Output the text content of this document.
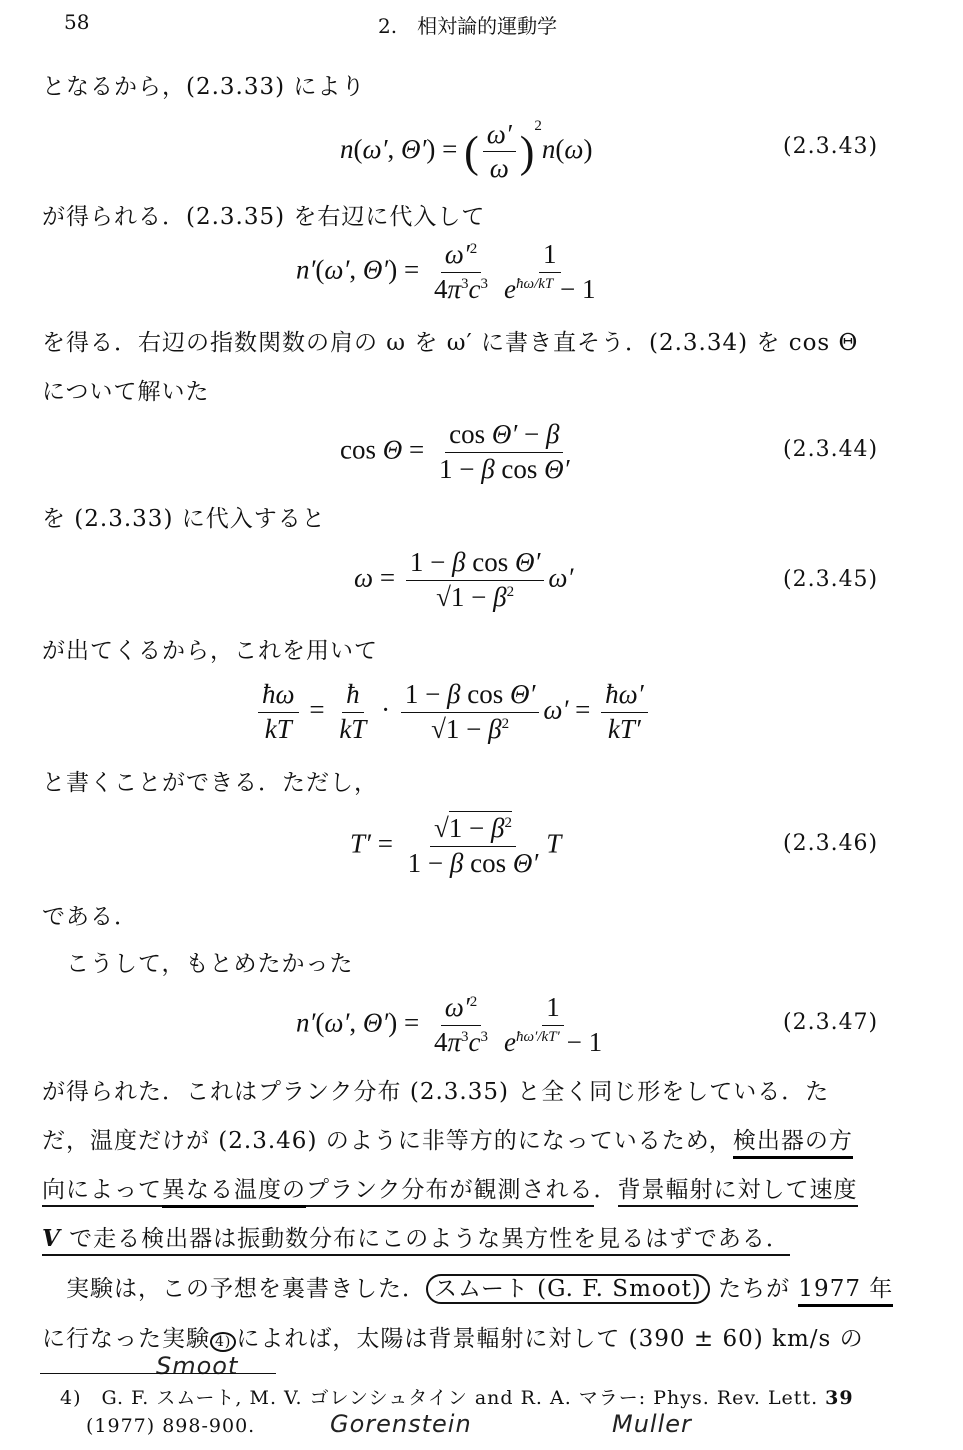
58	2.　相対論的運動学
となるから，(2.3.33) により
n(ω′, Θ′) = ( $\frac{\omega'}{\omega} )^2n(\omega)$	(2.3.43)
が得られる．(2.3.35) を右辺に代入して
n′(ω′, $\Theta') = \frac{\omega'^2}{4\pi^3c^3} \frac{1}{e^{ħ\omega/kT} - 1}$
を得る．右辺の指数関数の肩の ω を ω′ に書き直そう．(2.3.34) を cos Θ
について解いた
$\cos \Theta = \frac{\text{cos Θ′ − β}}{\text{1 − β cos Θ′}}$	(2.3.44)
を (2.3.33) に代入すると
$\omega = \frac{\text{1 − β cos Θ′}}{√1 - \beta^2} \omega'$	(2.3.45)
が出てくるから，これを用いて
$\frac{ħ\omega}{kT} = \frac{ħ}{kT} \cdot \frac{\text{1 − β cos Θ′}}{√1 - \beta^2} \omega' = \frac{ħ\omega'}{kT'}$
と書くことができる．ただし，
$T' = \frac{√1 - \beta^2}{\text{1 − β cos Θ′}}$ T	(2.3.46)
である．
こうして，もとめたかった
n′(ω′, $\Theta') = \frac{\omega'^2}{4\pi^3c^3} \frac{1}{e^{ħ\omega'/kT'} - 1}$	(2.3.47)
が得られた．これはプランク分布 (2.3.35) と全く同じ形をしている．た
だ，温度だけが (2.3.46) のように非等方的になっているため，検出器の方
向によって異なる温度のプランク分布が観測される．背景輻射に対して速度
V で走る検出器は振動数分布にこのような異方性を見るはずである．
実験は，この予想を裏書きした． スムート (G. F. Smoot) たちが 1977 年
に行なった実験 4) によれば，太陽は背景輻射に対して (390 ± 60) km/s の
Smoot
4)　G. F. スムート, M. V. ゴレンシュタイン and R. A. マラー: Phys. Rev. Lett. 39
(1977) 898-900.	Gorenstein	Muller
